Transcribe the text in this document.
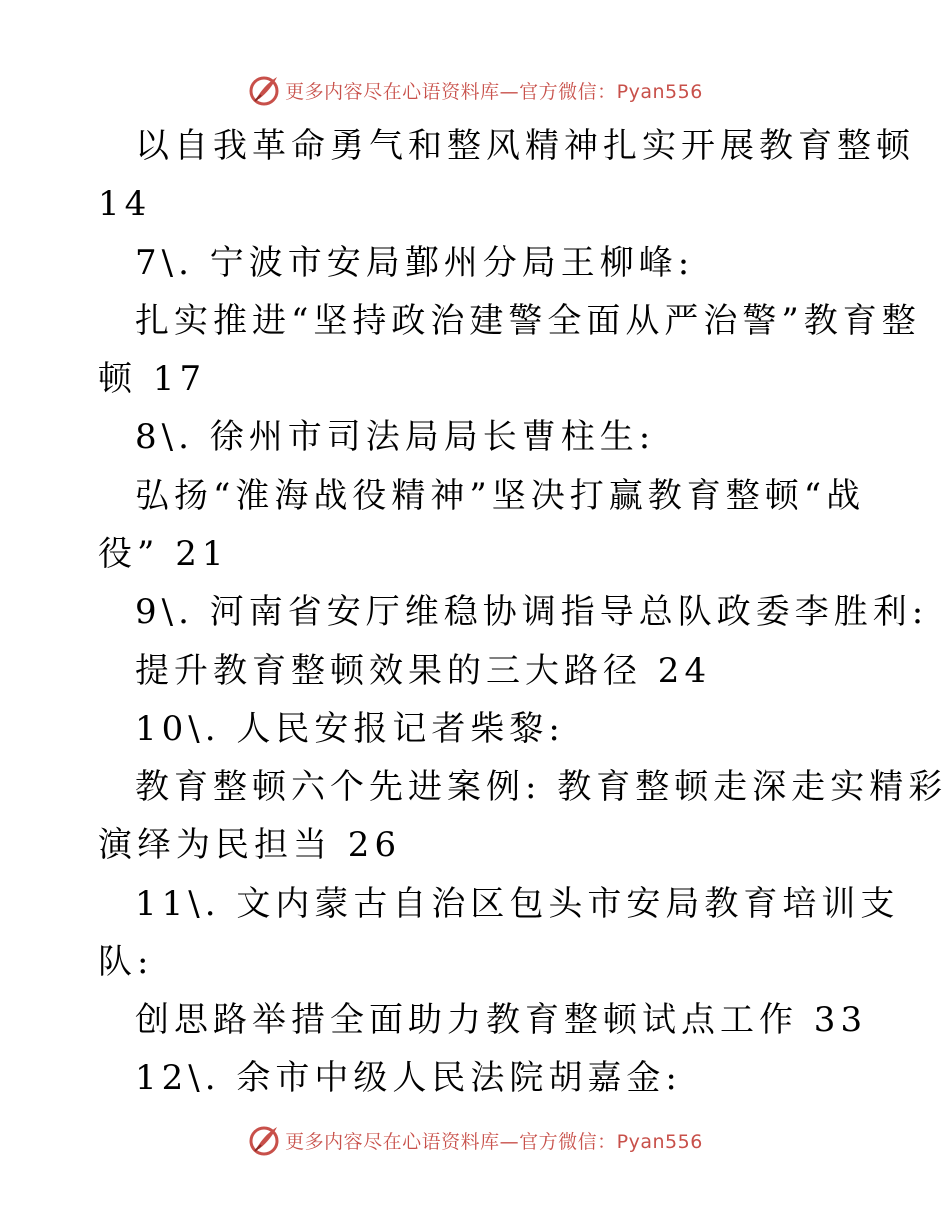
更多内容尽在心语资料库—官方微信：Pyan556
以自我革命勇气和整风精神扎实开展教育整顿
14
7\. 宁波市安局鄞州分局王柳峰:
扎实推进“坚持政治建警全面从严治警”教育整
顿 17
8\. 徐州市司法局局长曹柱生:
弘扬“淮海战役精神”坚决打赢教育整顿“战
役” 21
9\. 河南省安厅维稳协调指导总队政委李胜利:
提升教育整顿效果的三大路径 24
10\. 人民安报记者柴黎:
教育整顿六个先进案例: 教育整顿走深走实精彩
演绎为民担当 26
11\. 文内蒙古自治区包头市安局教育培训支
队:
创思路举措全面助力教育整顿试点工作 33
12\. 余市中级人民法院胡嘉金:
更多内容尽在心语资料库—官方微信：Pyan556
